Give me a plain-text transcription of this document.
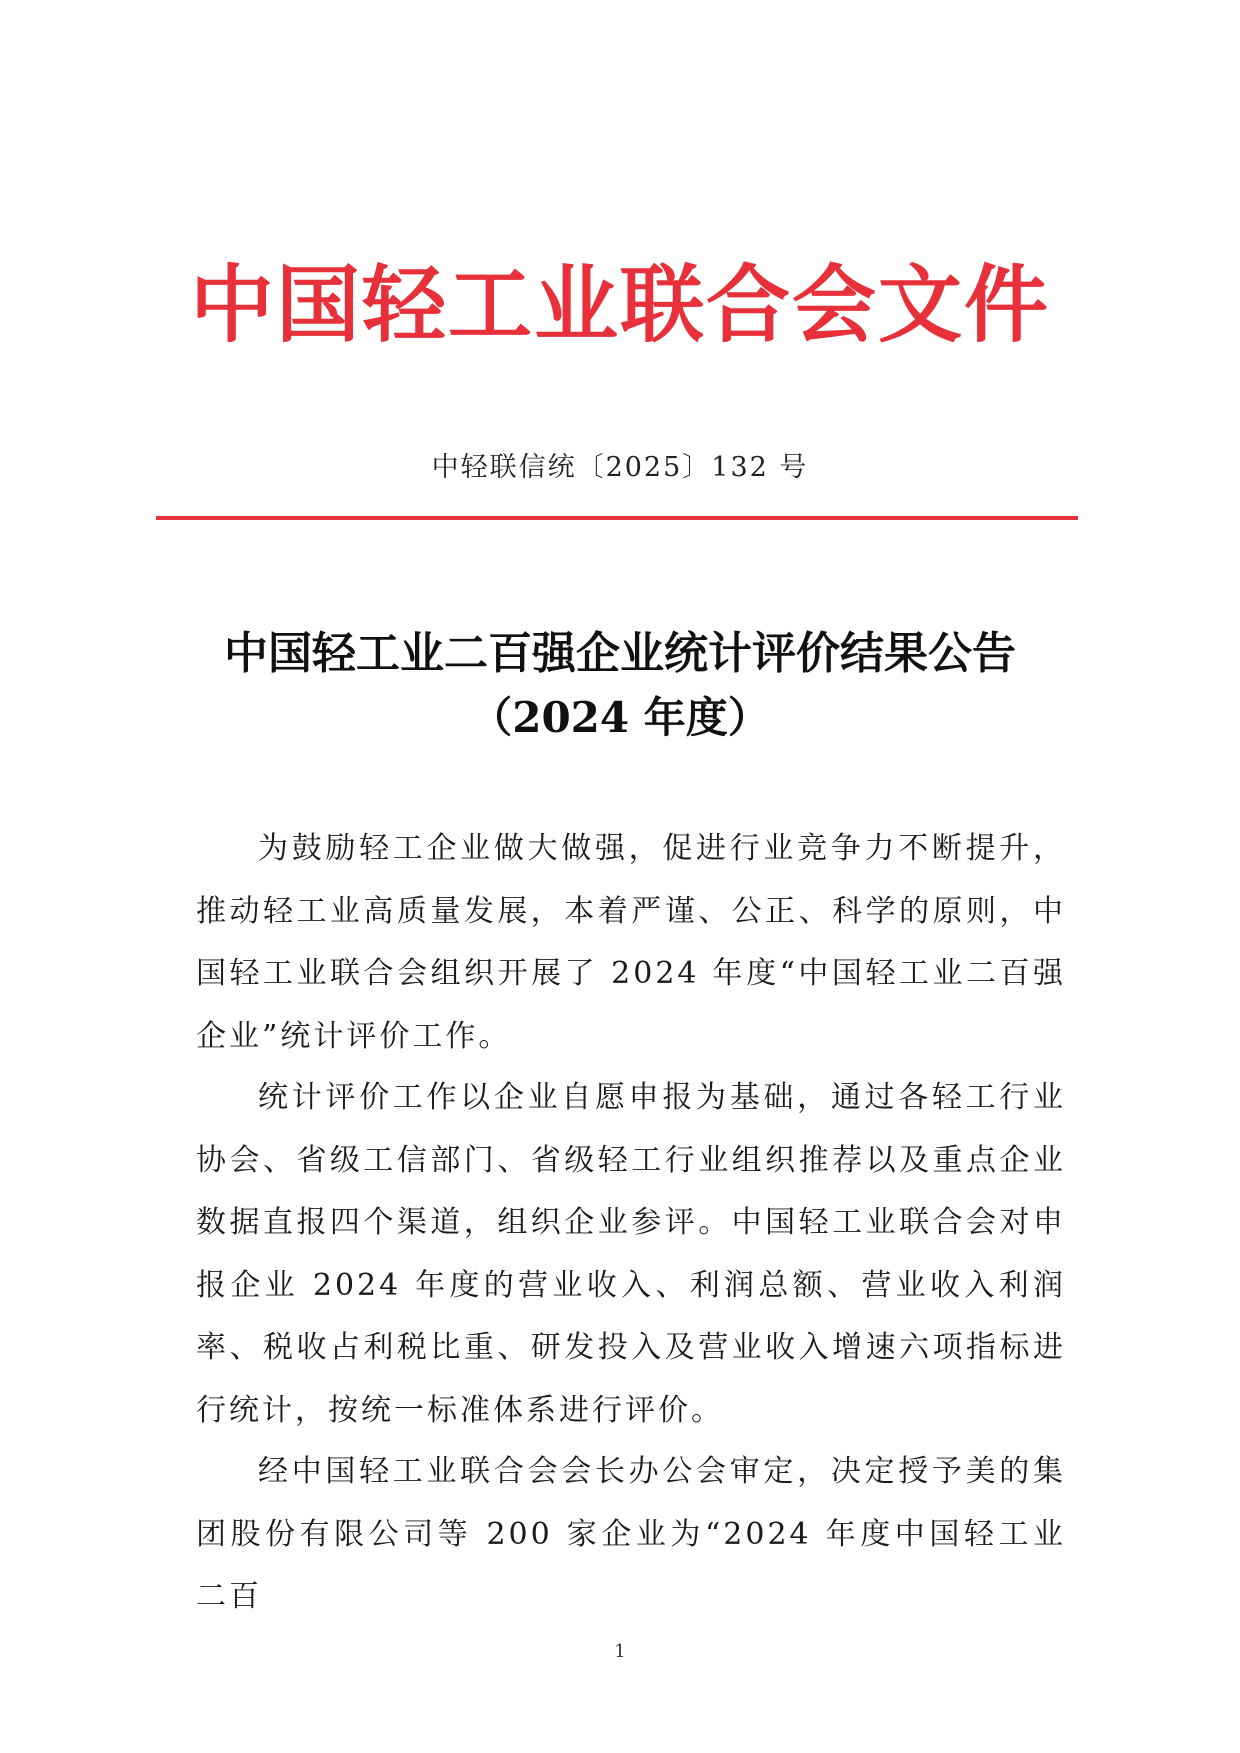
中国轻工业联合会文件
中轻联信统〔2025〕132 号
中国轻工业二百强企业统计评价结果公告
（2024 年度）

为鼓励轻工企业做大做强，促进行业竞争力不断提升，推动轻工业高质量发展，本着严谨、公正、科学的原则，中国轻工业联合会组织开展了 2024 年度“中国轻工业二百强企业”统计评价工作。

统计评价工作以企业自愿申报为基础，通过各轻工行业协会、省级工信部门、省级轻工行业组织推荐以及重点企业数据直报四个渠道，组织企业参评。中国轻工业联合会对申报企业 2024 年度的营业收入、利润总额、营业收入利润率、税收占利税比重、研发投入及营业收入增速六项指标进行统计，按统一标准体系进行评价。

经中国轻工业联合会会长办公会审定，决定授予美的集团股份有限公司等 200 家企业为“2024 年度中国轻工业二百

1
